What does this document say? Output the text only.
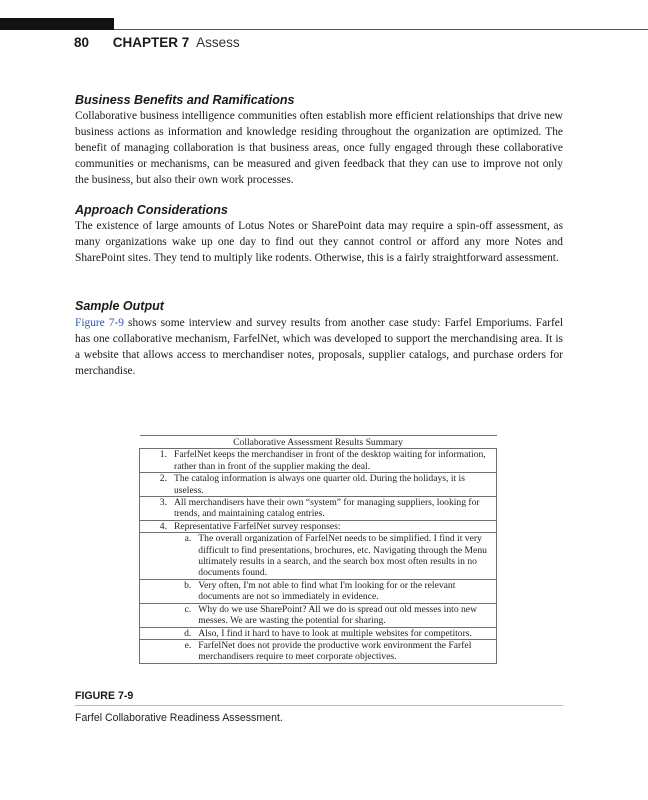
80 CHAPTER 7 Assess
Business Benefits and Ramifications
Collaborative business intelligence communities often establish more efficient relationships that drive new business actions as information and knowledge residing throughout the organization are optimized. The benefit of managing collaboration is that business areas, once fully engaged through these collaborative communities or mechanisms, can be measured and given feedback that they can use to improve not only the business, but also their own work processes.
Approach Considerations
The existence of large amounts of Lotus Notes or SharePoint data may require a spin-off assessment, as many organizations wake up one day to find out they cannot control or afford any more Notes and SharePoint sites. They tend to multiply like rodents. Otherwise, this is a fairly straightforward assessment.
Sample Output
Figure 7-9 shows some interview and survey results from another case study: Farfel Emporiums. Farfel has one collaborative mechanism, FarfelNet, which was developed to support the merchandising area. It is a website that allows access to merchandiser notes, proposals, supplier catalogs, and purchase orders for merchandise.
Collaborative Assessment Results Summary			
1.	FarfelNet keeps the merchandiser in front of the desktop waiting for information, rather than in front of the supplier making the deal.		
2.	The catalog information is always one quarter old. During the holidays, it is useless.		
3.	All merchandisers have their own “system” for managing suppliers, looking for trends, and maintaining catalog entries.		
4.	Representative FarfelNet survey responses:		
		a.	The overall organization of FarfelNet needs to be simplified. I find it very difficult to find presentations, brochures, etc. Navigating through the Menu ultimately results in a search, and the search box most often results in no documents found.
		b.	Very often, I'm not able to find what I'm looking for or the relevant documents are not so immediately in evidence.
		c.	Why do we use SharePoint? All we do is spread out old messes into new messes. We are wasting the potential for sharing.
		d.	Also, I find it hard to have to look at multiple websites for competitors.
		e.	FarfelNet does not provide the productive work environment the Farfel merchandisers require to meet corporate objectives.
FIGURE 7-9
Farfel Collaborative Readiness Assessment.
